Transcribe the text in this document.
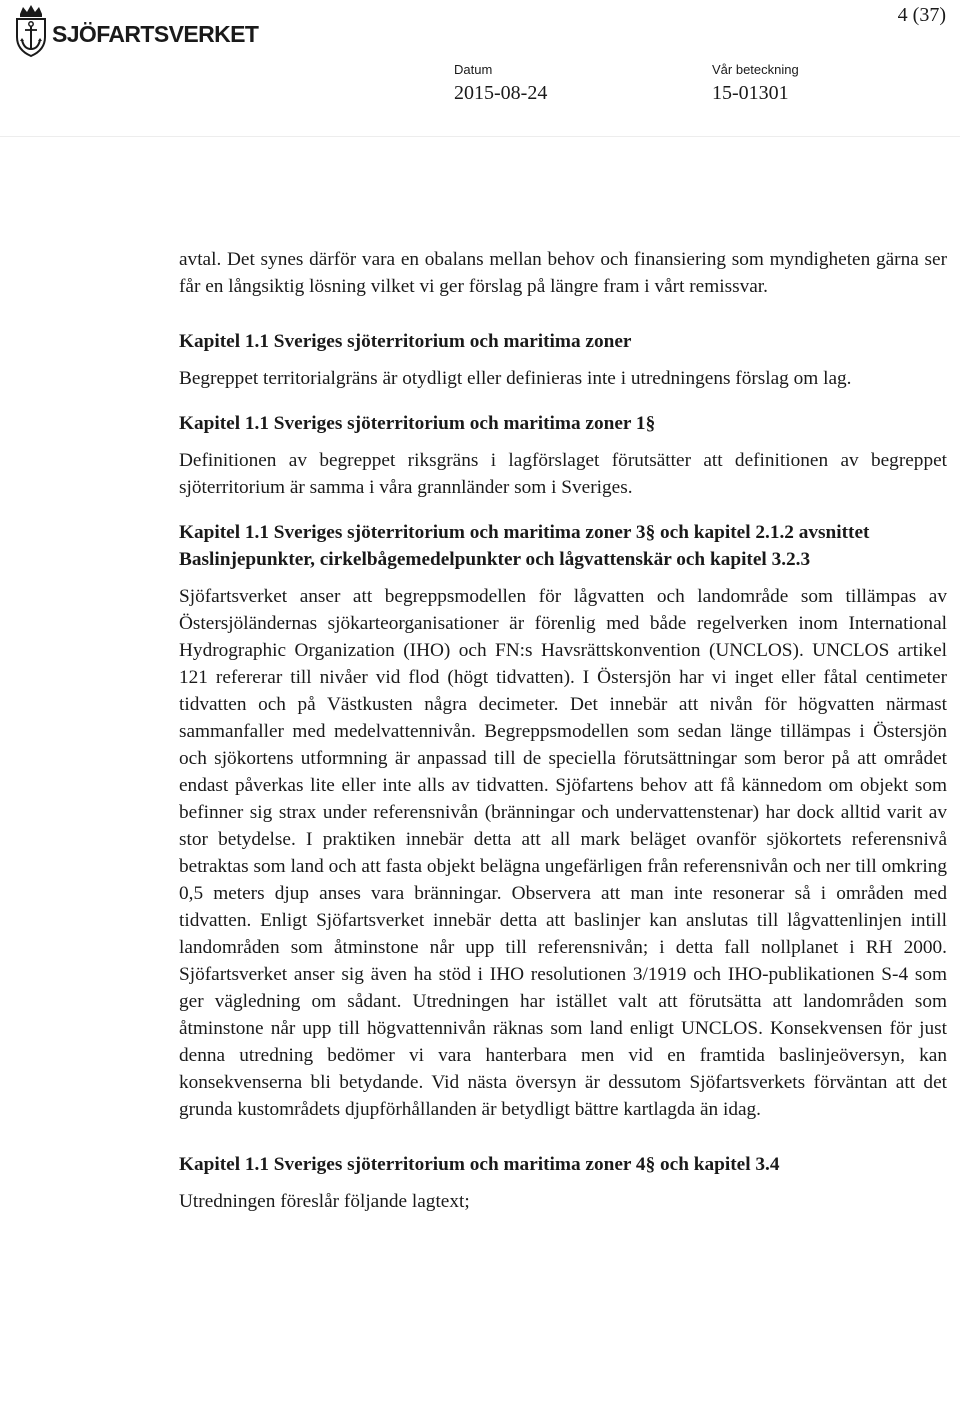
SJÖFARTSVERKET
4 (37)
Datum
2015-08-24
Vår beteckning
15-01301

avtal. Det synes därför vara en obalans mellan behov och finansiering som myndigheten gärna ser får en långsiktig lösning vilket vi ger förslag på längre fram i vårt remissvar.

Kapitel 1.1 Sveriges sjöterritorium och maritima zoner

Begreppet territorialgräns är otydligt eller definieras inte i utredningens förslag om lag.

Kapitel 1.1 Sveriges sjöterritorium och maritima zoner 1§

Definitionen av begreppet riksgräns i lagförslaget förutsätter att definitionen av begreppet sjöterritorium är samma i våra grannländer som i Sveriges.

Kapitel 1.1 Sveriges sjöterritorium och maritima zoner 3§ och kapitel 2.1.2 avsnittet Baslinjepunkter, cirkelbågemedelpunkter och lågvattenskär och kapitel 3.2.3

Sjöfartsverket anser att begreppsmodellen för lågvatten och landområde som tillämpas av Östersjöländernas sjökarteorganisationer är förenlig med både regelverken inom International Hydrographic Organization (IHO) och FN:s Havsrättskonvention (UNCLOS). UNCLOS artikel 121 refererar till nivåer vid flod (högt tidvatten). I Östersjön har vi inget eller fåtal centimeter tidvatten och på Västkusten några decimeter. Det innebär att nivån för högvatten närmast sammanfaller med medelvattennivån. Begreppsmodellen som sedan länge tillämpas i Östersjön och sjökortens utformning är anpassad till de speciella förutsättningar som beror på att området endast påverkas lite eller inte alls av tidvatten. Sjöfartens behov att få kännedom om objekt som befinner sig strax under referensnivån (bränningar och undervattenstenar) har dock alltid varit av stor betydelse. I praktiken innebär detta att all mark beläget ovanför sjökortets referensnivå betraktas som land och att fasta objekt belägna ungefärligen från referensnivån och ner till omkring 0,5 meters djup anses vara bränningar. Observera att man inte resonerar så i områden med tidvatten. Enligt Sjöfartsverket innebär detta att baslinjer kan anslutas till lågvattenlinjen intill landområden som åtminstone når upp till referensnivån; i detta fall nollplanet i RH 2000. Sjöfartsverket anser sig även ha stöd i IHO resolutionen 3/1919 och IHO-publikationen S-4 som ger vägledning om sådant. Utredningen har istället valt att förutsätta att landområden som åtminstone når upp till högvattennivån räknas som land enligt UNCLOS. Konsekvensen för just denna utredning bedömer vi vara hanterbara men vid en framtida baslinjeöversyn, kan konsekvenserna bli betydande. Vid nästa översyn är dessutom Sjöfartsverkets förväntan att det grunda kustområdets djupförhållanden är betydligt bättre kartlagda än idag.

Kapitel 1.1 Sveriges sjöterritorium och maritima zoner 4§ och kapitel 3.4

Utredningen föreslår följande lagtext;
